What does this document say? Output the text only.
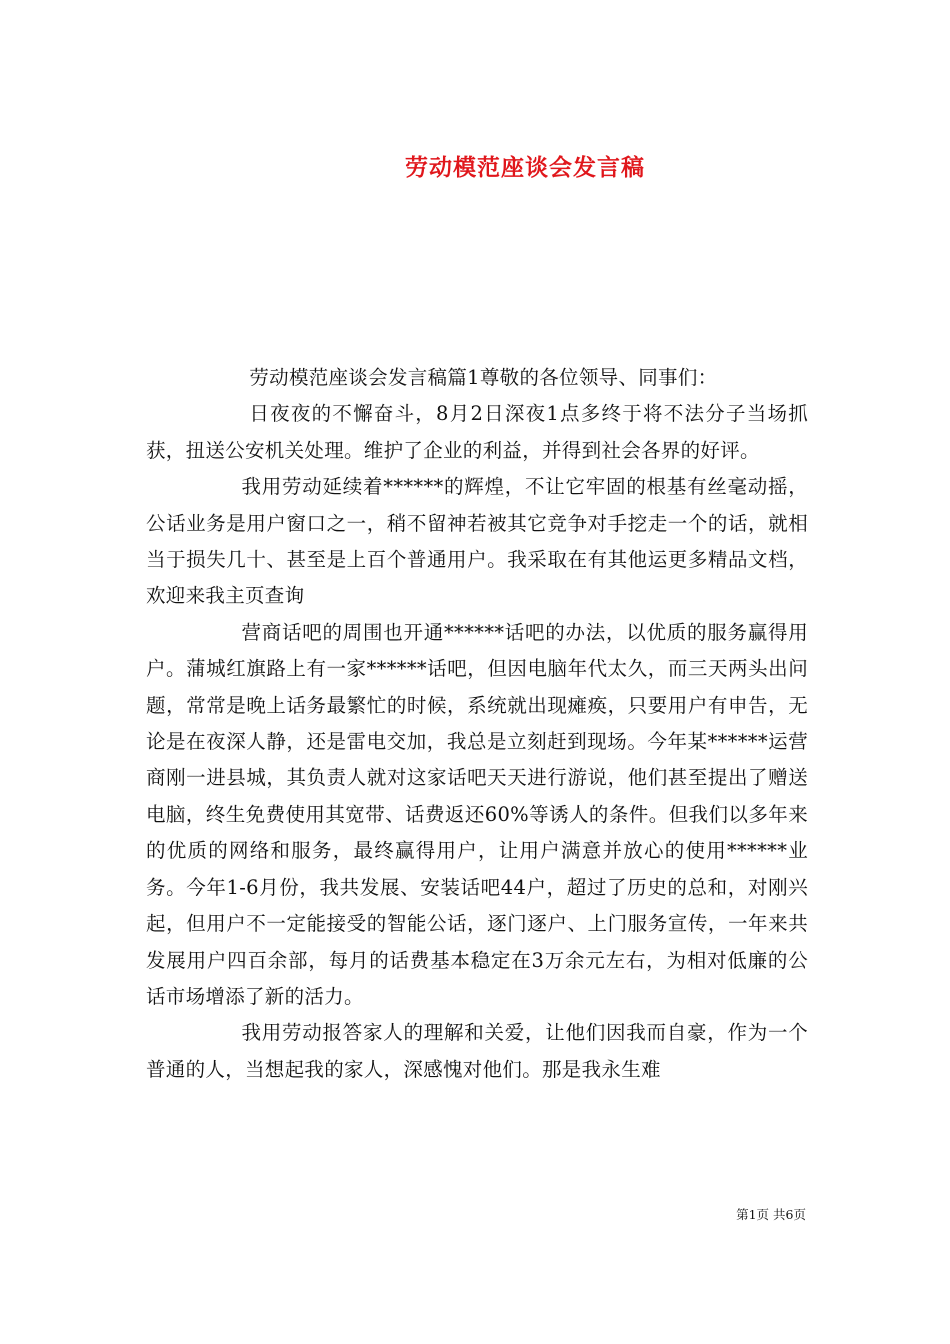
劳动模范座谈会发言稿

劳动模范座谈会发言稿篇1尊敬的各位领导、同事们：

日夜夜的不懈奋斗，8月2日深夜1点多终于将不法分子当场抓获，扭送公安机关处理。维护了企业的利益，并得到社会各界的好评。

我用劳动延续着******的辉煌，不让它牢固的根基有丝毫动摇，公话业务是用户窗口之一，稍不留神若被其它竞争对手挖走一个的话，就相当于损失几十、甚至是上百个普通用户。我采取在有其他运更多精品文档，欢迎来我主页查询

营商话吧的周围也开通******话吧的办法，以优质的服务赢得用户。蒲城红旗路上有一家******话吧，但因电脑年代太久，而三天两头出问题，常常是晚上话务最繁忙的时候，系统就出现瘫痪，只要用户有申告，无论是在夜深人静，还是雷电交加，我总是立刻赶到现场。今年某******运营商刚一进县城，其负责人就对这家话吧天天进行游说，他们甚至提出了赠送电脑，终生免费使用其宽带、话费返还60%等诱人的条件。但我们以多年来的优质的网络和服务，最终赢得用户，让用户满意并放心的使用******业务。今年1-6月份，我共发展、安装话吧44户，超过了历史的总和，对刚兴起，但用户不一定能接受的智能公话，逐门逐户、上门服务宣传，一年来共发展用户四百余部，每月的话费基本稳定在3万余元左右，为相对低廉的公话市场增添了新的活力。

我用劳动报答家人的理解和关爱，让他们因我而自豪，作为一个普通的人，当想起我的家人，深感愧对他们。那是我永生难

第1页 共6页
